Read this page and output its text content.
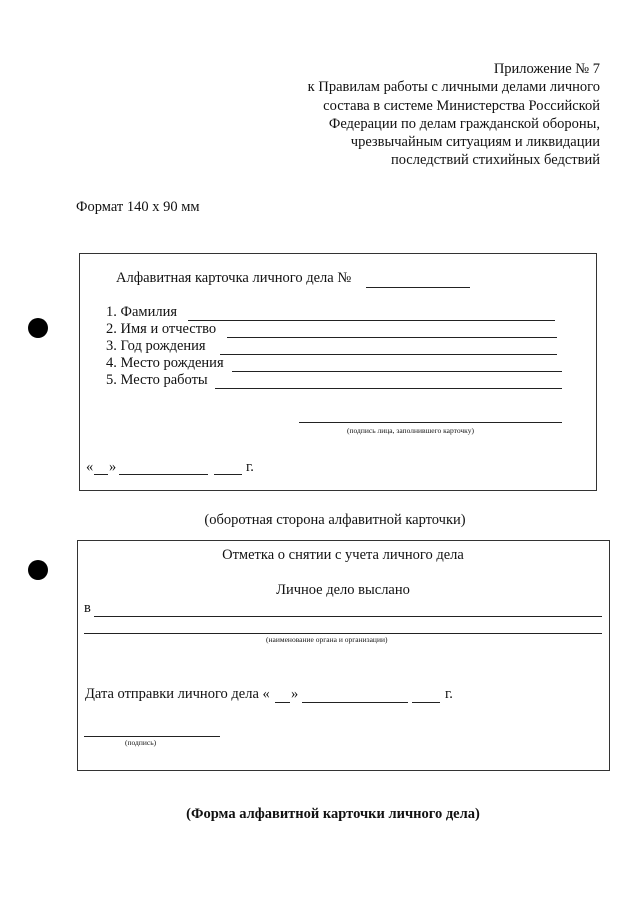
Приложение № 7
к Правилам работы с личными делами личного
состава в системе Министерства Российской
Федерации по делам гражданской обороны,
чрезвычайным ситуациям и ликвидации
последствий стихийных бедствий
Формат 140 х 90 мм
Алфавитная карточка личного дела №
1. Фамилия
2. Имя и отчество
3. Год рождения
4. Место рождения
5. Место работы
(подпись лица, заполнившего карточку)
« »	г.
(оборотная сторона алфавитной карточки)
Отметка о снятии с учета личного дела
Личное дело выслано
в
(наименование органа и организации)
Дата отправки личного дела « »	г.
(подпись)
(Форма алфавитной карточки личного дела)
